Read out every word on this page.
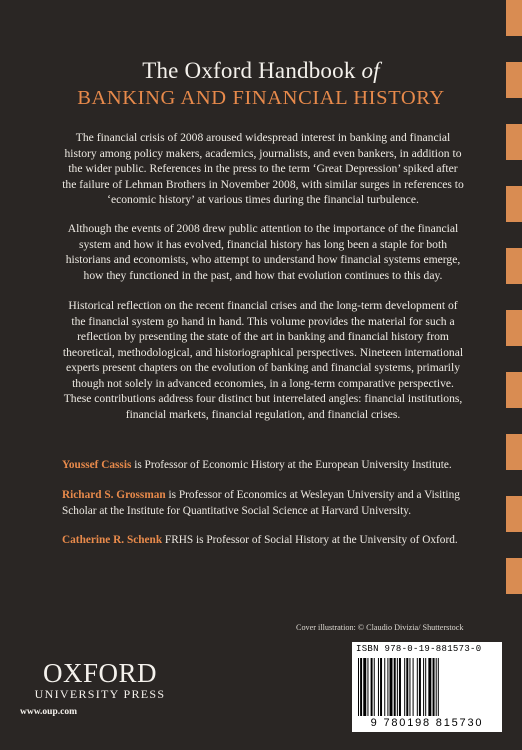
The Oxford Handbook of
BANKING AND FINANCIAL HISTORY
The financial crisis of 2008 aroused widespread interest in banking and financial history among policy makers, academics, journalists, and even bankers, in addition to the wider public. References in the press to the term ‘Great Depression’ spiked after the failure of Lehman Brothers in November 2008, with similar surges in references to ‘economic history’ at various times during the financial turbulence.
Although the events of 2008 drew public attention to the importance of the financial system and how it has evolved, financial history has long been a staple for both historians and economists, who attempt to understand how financial systems emerge, how they functioned in the past, and how that evolution continues to this day.
Historical reflection on the recent financial crises and the long-term development of the financial system go hand in hand. This volume provides the material for such a reflection by presenting the state of the art in banking and financial history from theoretical, methodological, and historiographical perspectives. Nineteen international experts present chapters on the evolution of banking and financial systems, primarily though not solely in advanced economies, in a long-term comparative perspective. These contributions address four distinct but interrelated angles: financial institutions, financial markets, financial regulation, and financial crises.
Youssef Cassis is Professor of Economic History at the European University Institute.
Richard S. Grossman is Professor of Economics at Wesleyan University and a Visiting Scholar at the Institute for Quantitative Social Science at Harvard University.
Catherine R. Schenk FRHS is Professor of Social History at the University of Oxford.
Cover illustration: © Claudio Divizia/ Shutterstock
OXFORD
UNIVERSITY PRESS
www.oup.com
ISBN 978-0-19-881573-0
9 780198 815730
